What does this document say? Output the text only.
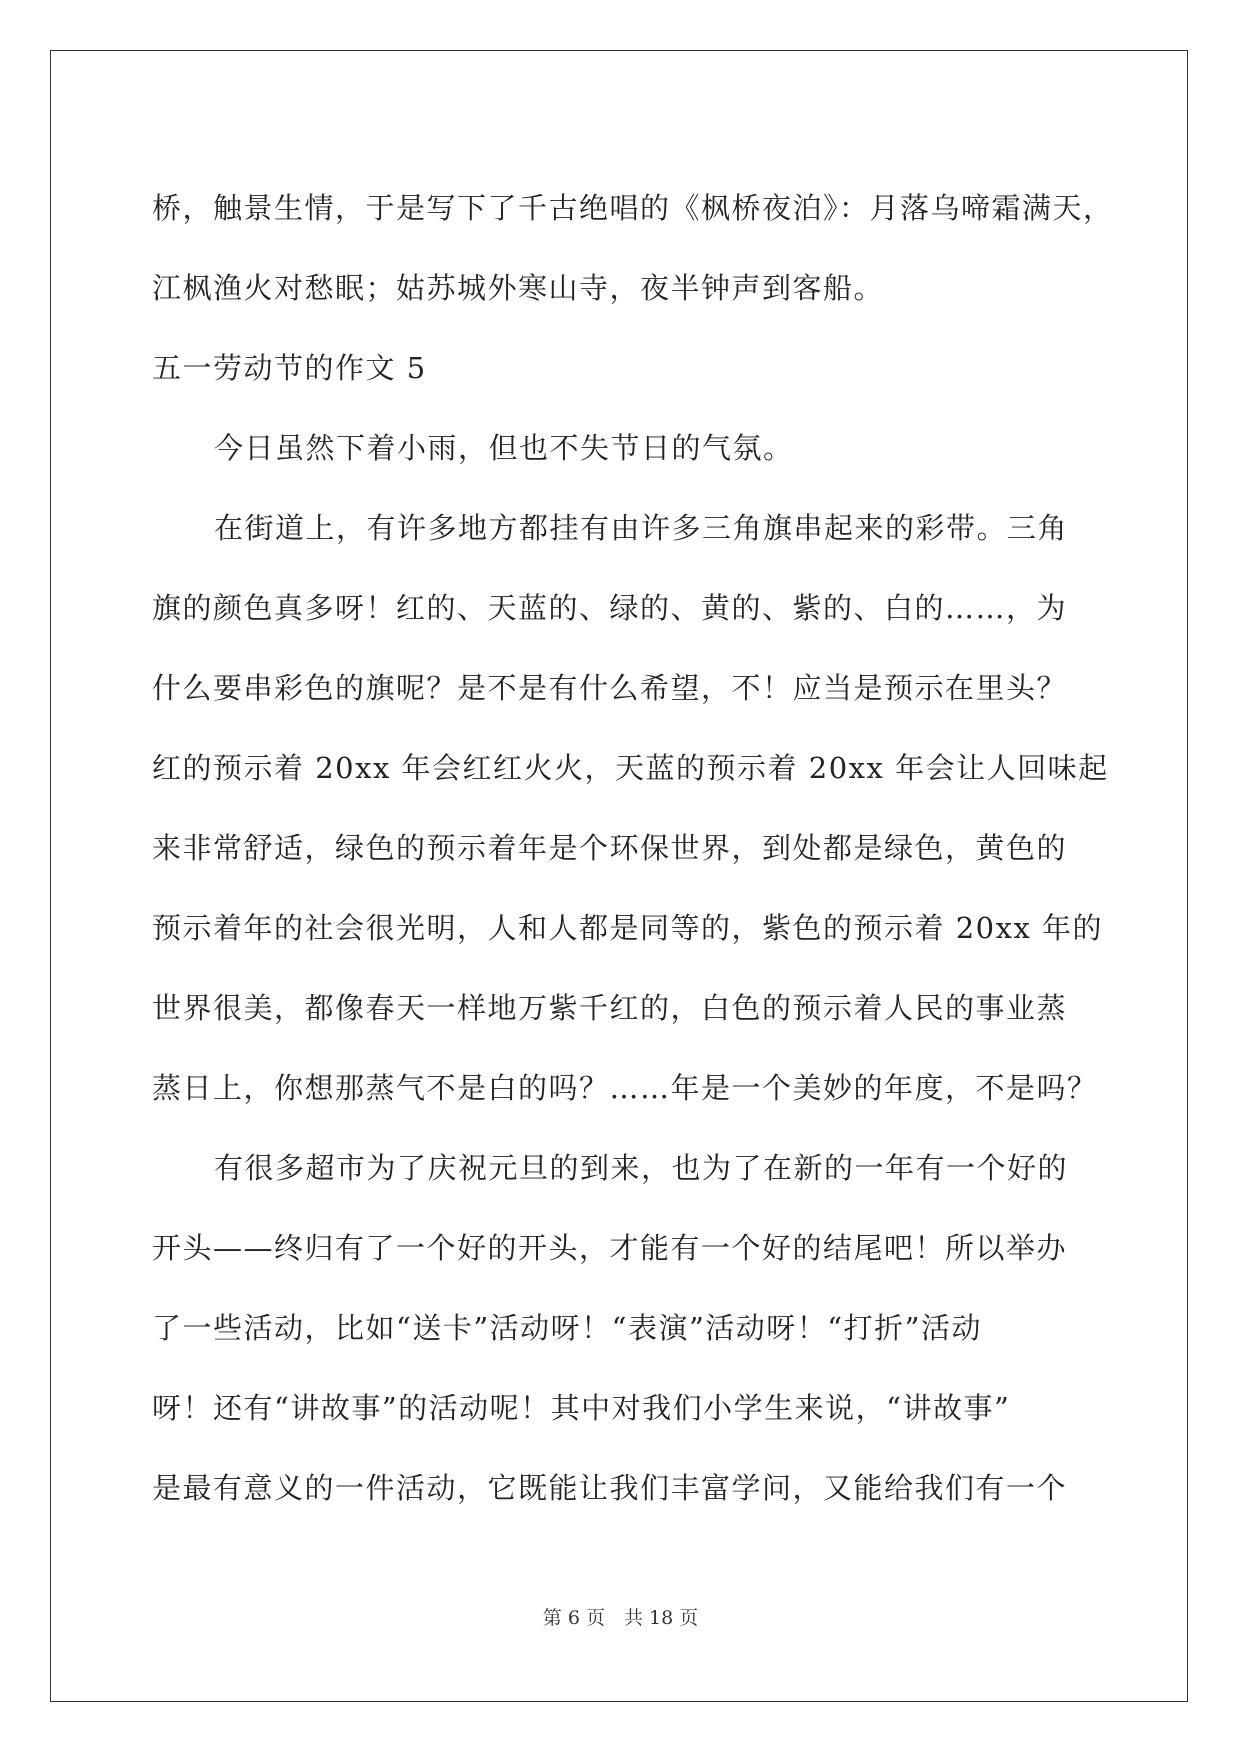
桥，触景生情，于是写下了千古绝唱的《枫桥夜泊》：月落乌啼霜满天，

江枫渔火对愁眠；姑苏城外寒山寺，夜半钟声到客船。

五一劳动节的作文 5

今日虽然下着小雨，但也不失节日的气氛。

在街道上，有许多地方都挂有由许多三角旗串起来的彩带。三角

旗的颜色真多呀！红的、天蓝的、绿的、黄的、紫的、白的……，为

什么要串彩色的旗呢？是不是有什么希望，不！应当是预示在里头？

红的预示着 20xx 年会红红火火，天蓝的预示着 20xx 年会让人回味起

来非常舒适，绿色的预示着年是个环保世界，到处都是绿色，黄色的

预示着年的社会很光明，人和人都是同等的，紫色的预示着 20xx 年的

世界很美，都像春天一样地万紫千红的，白色的预示着人民的事业蒸

蒸日上，你想那蒸气不是白的吗？……年是一个美妙的年度，不是吗？

有很多超市为了庆祝元旦的到来，也为了在新的一年有一个好的

开头——终归有了一个好的开头，才能有一个好的结尾吧！所以举办

了一些活动，比如“送卡”活动呀！“表演”活动呀！“打折”活动

呀！还有“讲故事”的活动呢！其中对我们小学生来说，“讲故事”

是最有意义的一件活动，它既能让我们丰富学问，又能给我们有一个

第 6 页　共 18 页
